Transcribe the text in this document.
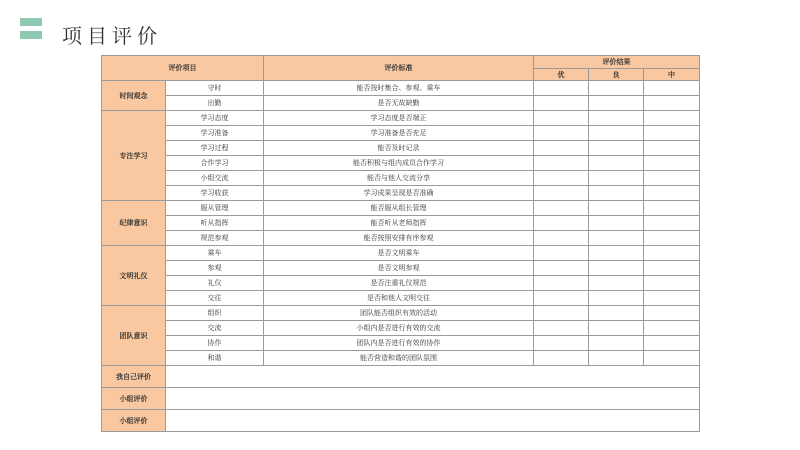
项目评价
评价项目		评价标准	评价结果		
			优	良	中
时间观念	守时	能否按时集合、参观、乘车			
	出勤	是否无故缺勤			
专注学习	学习态度	学习态度是否端正			
	学习准备	学习准备是否充足			
	学习过程	能否及时记录			
	合作学习	能否积极与组内成员合作学习			
	小组交流	能否与他人交流分享			
	学习收获	学习成果呈现是否准确			
纪律意识	服从管理	能否服从组长管理			
	听从指挥	能否听从老师指挥			
	规范参观	能否按照安排有序参观			
文明礼仪	乘车	是否文明乘车			
	参观	是否文明参观			
	礼仪	是否注重礼仪规范			
	交往	是否和他人文明交往			
团队意识	组织	团队能否组织有效的活动			
	交流	小组内是否进行有效的交流			
	协作	团队内是否进行有效的协作			
	和谐	能否营造和谐的团队氛围			
我自己评价					
小组评价					
小组评价					
